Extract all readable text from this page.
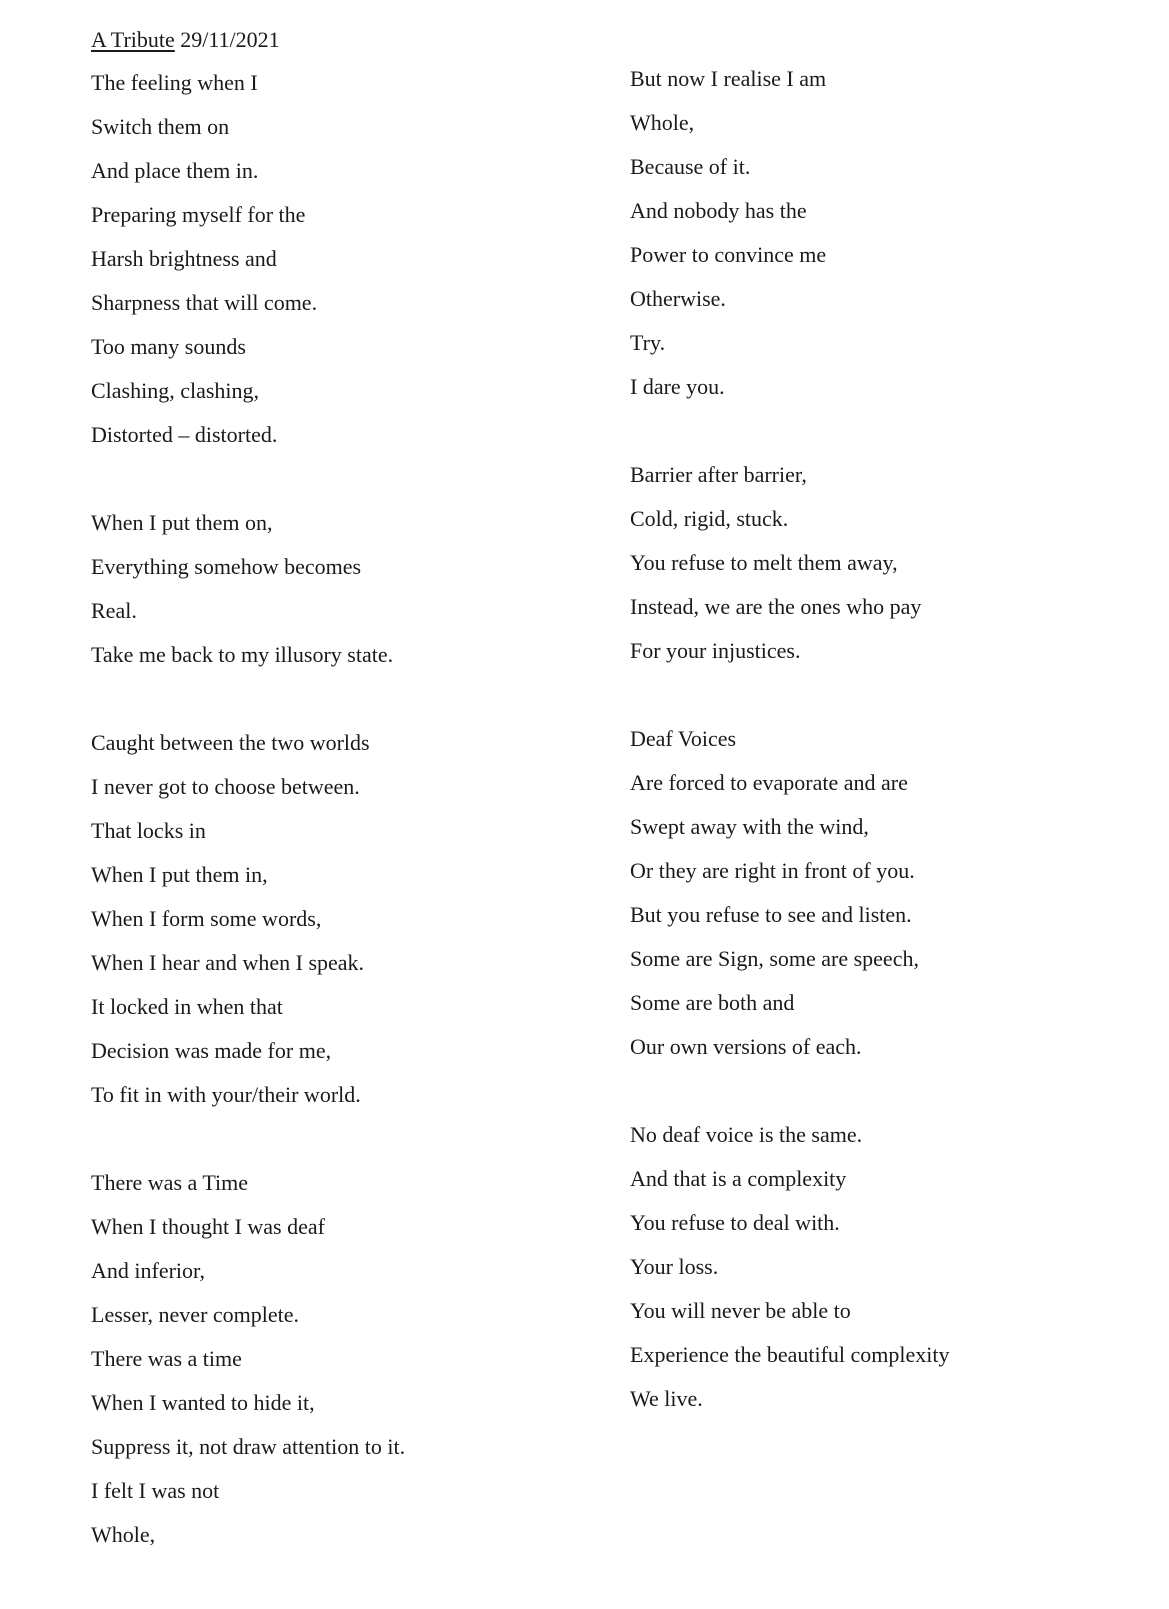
A Tribute 29/11/2021
The feeling when I
Switch them on
And place them in.
Preparing myself for the
Harsh brightness and
Sharpness that will come.
Too many sounds
Clashing, clashing,
Distorted – distorted.
When I put them on,
Everything somehow becomes
Real.
Take me back to my illusory state.
Caught between the two worlds
I never got to choose between.
That locks in
When I put them in,
When I form some words,
When I hear and when I speak.
It locked in when that
Decision was made for me,
To fit in with your/their world.
There was a Time
When I thought I was deaf
And inferior,
Lesser, never complete.
There was a time
When I wanted to hide it,
Suppress it, not draw attention to it.
I felt I was not
Whole,
But now I realise I am
Whole,
Because of it.
And nobody has the
Power to convince me
Otherwise.
Try.
I dare you.
Barrier after barrier,
Cold, rigid, stuck.
You refuse to melt them away,
Instead, we are the ones who pay
For your injustices.
Deaf Voices
Are forced to evaporate and are
Swept away with the wind,
Or they are right in front of you.
But you refuse to see and listen.
Some are Sign, some are speech,
Some are both and
Our own versions of each.
No deaf voice is the same.
And that is a complexity
You refuse to deal with.
Your loss.
You will never be able to
Experience the beautiful complexity
We live.
